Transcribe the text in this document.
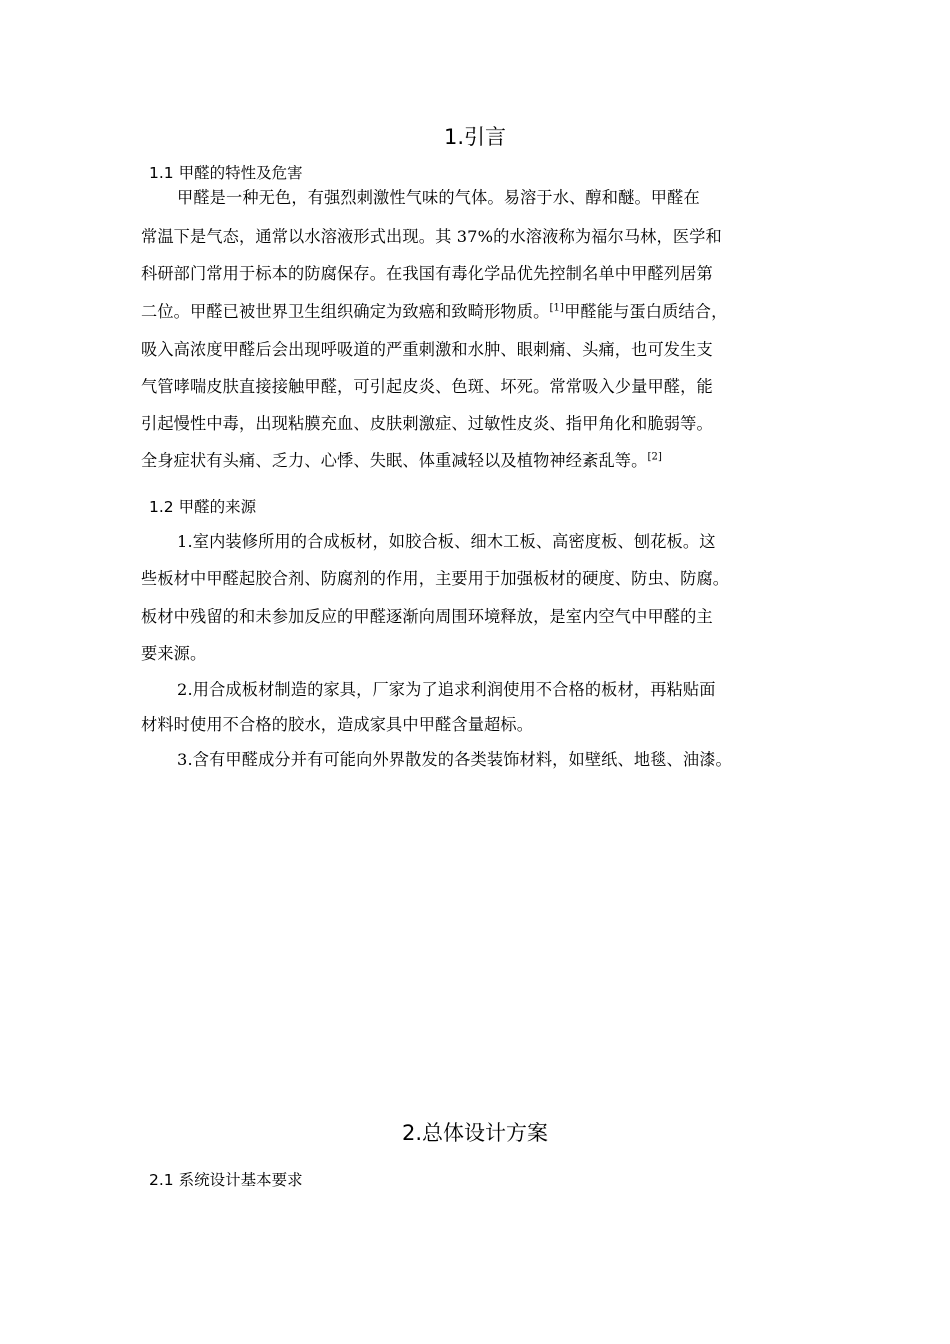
1.引言
1.1 甲醛的特性及危害
甲醛是一种无色，有强烈刺激性气味的气体。易溶于水、醇和醚。甲醛在
常温下是气态，通常以水溶液形式出现。其 37%的水溶液称为福尔马林，医学和
科研部门常用于标本的防腐保存。在我国有毒化学品优先控制名单中甲醛列居第
二位。甲醛已被世界卫生组织确定为致癌和致畸形物质。[1]甲醛能与蛋白质结合，
吸入高浓度甲醛后会出现呼吸道的严重刺激和水肿、眼刺痛、头痛，也可发生支
气管哮喘皮肤直接接触甲醛，可引起皮炎、色斑、坏死。常常吸入少量甲醛，能
引起慢性中毒，出现粘膜充血、皮肤刺激症、过敏性皮炎、指甲角化和脆弱等。
全身症状有头痛、乏力、心悸、失眠、体重减轻以及植物神经紊乱等。[2]
1.2 甲醛的来源
1.室内装修所用的合成板材，如胶合板、细木工板、高密度板、刨花板。这
些板材中甲醛起胶合剂、防腐剂的作用，主要用于加强板材的硬度、防虫、防腐。
板材中残留的和未参加反应的甲醛逐渐向周围环境释放，是室内空气中甲醛的主
要来源。
2.用合成板材制造的家具，厂家为了追求利润使用不合格的板材，再粘贴面
材料时使用不合格的胶水，造成家具中甲醛含量超标。
3.含有甲醛成分并有可能向外界散发的各类装饰材料，如壁纸、地毯、油漆。
2.总体设计方案
2.1 系统设计基本要求
